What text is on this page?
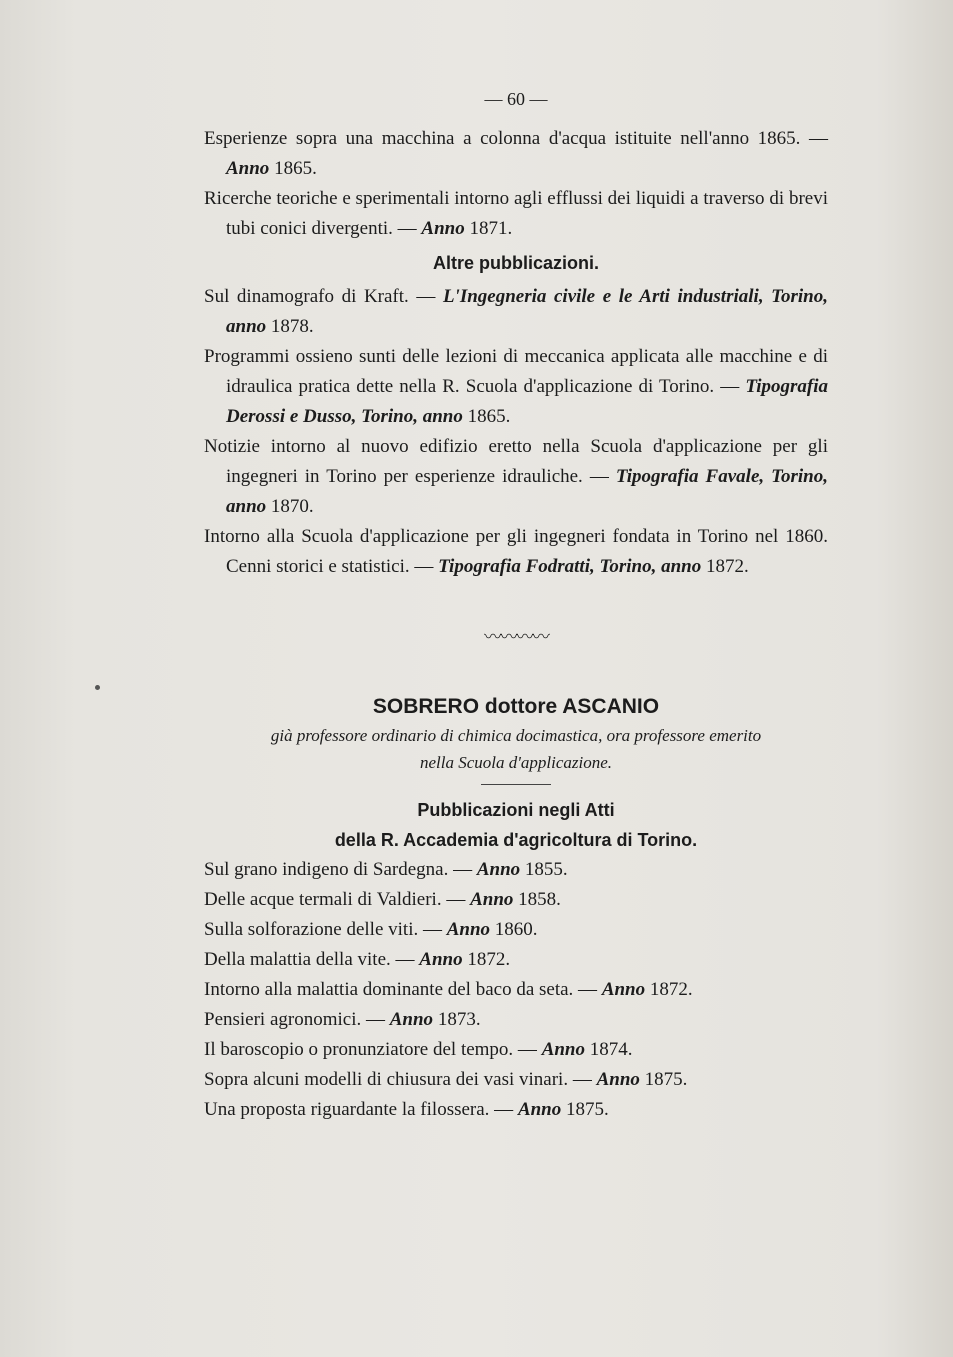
— 60 —
Esperienze sopra una macchina a colonna d'acqua istituite nell'anno 1865. — Anno 1865.
Ricerche teoriche e sperimentali intorno agli efflussi dei liquidi a traverso di brevi tubi conici divergenti. — Anno 1871.
Altre pubblicazioni.
Sul dinamografo di Kraft. — L'Ingegneria civile e le Arti industriali, Torino, anno 1878.
Programmi ossieno sunti delle lezioni di meccanica applicata alle macchine e di idraulica pratica dette nella R. Scuola d'applicazione di Torino. — Tipografia Derossi e Dusso, Torino, anno 1865.
Notizie intorno al nuovo edifizio eretto nella Scuola d'applicazione per gli ingegneri in Torino per esperienze idrauliche. — Tipografia Favale, Torino, anno 1870.
Intorno alla Scuola d'applicazione per gli ingegneri fondata in Torino nel 1860. Cenni storici e statistici. — Tipografia Fodratti, Torino, anno 1872.
〰〰〰〰
SOBRERO dottore ASCANIO
già professore ordinario di chimica docimastica, ora professore emerito
nella Scuola d'applicazione.
Pubblicazioni negli Atti
della R. Accademia d'agricoltura di Torino.
Sul grano indigeno di Sardegna. — Anno 1855.
Delle acque termali di Valdieri. — Anno 1858.
Sulla solforazione delle viti. — Anno 1860.
Della malattia della vite. — Anno 1872.
Intorno alla malattia dominante del baco da seta. — Anno 1872.
Pensieri agronomici. — Anno 1873.
Il baroscopio o pronunziatore del tempo. — Anno 1874.
Sopra alcuni modelli di chiusura dei vasi vinari. — Anno 1875.
Una proposta riguardante la filossera. — Anno 1875.
